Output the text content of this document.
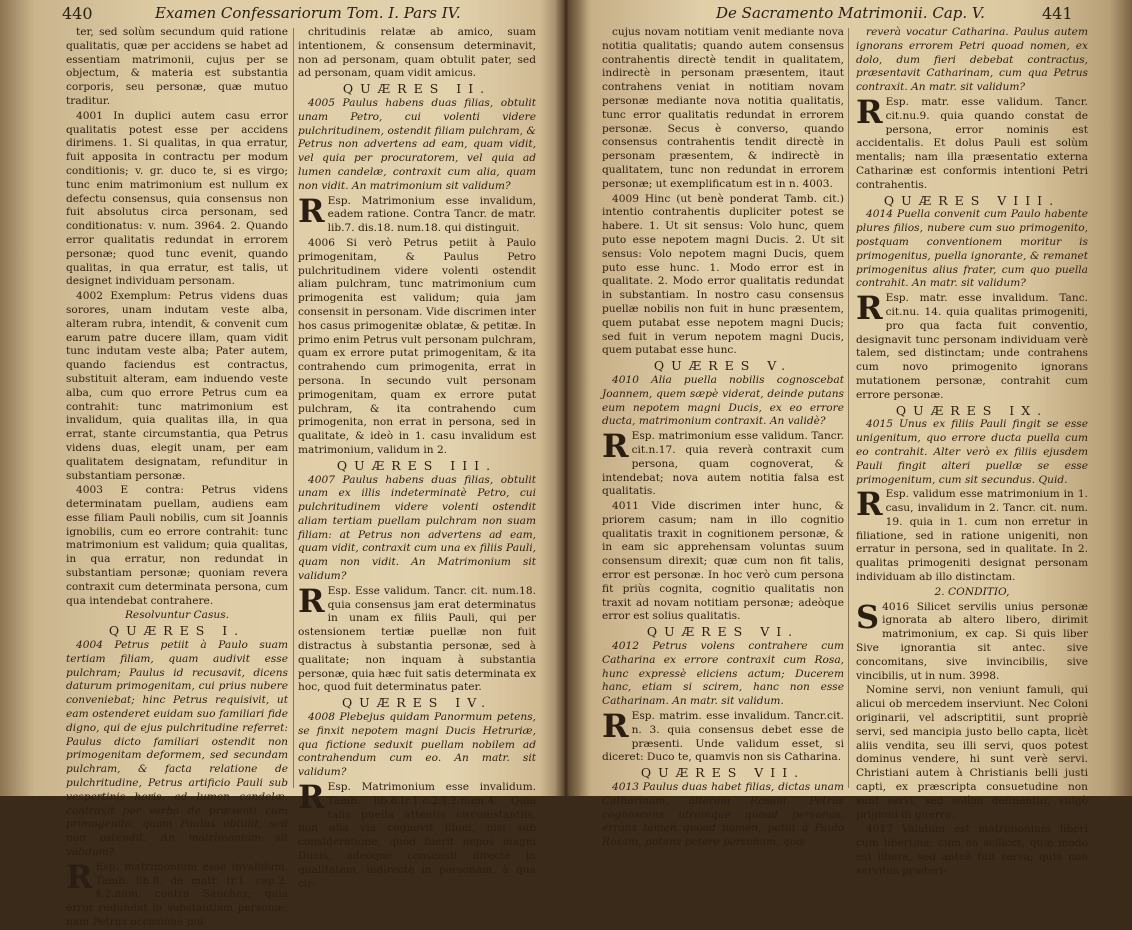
440	Examen Confessariorum Tom. I. Pars IV.

ter, sed solùm secundum quid ratione qualitatis, quæ per accidens se habet ad essentiam matrimonii, cujus per se objectum, & materia est substantia corporis, seu personæ, quæ mutuo traditur.

4001 In duplici autem casu error qualitatis potest esse per accidens dirimens. 1. Si qualitas, in qua erratur, fuit apposita in contractu per modum conditionis; v. gr. duco te, si es virgo; tunc enim matrimonium est nullum ex defectu consensus, quia consensus non fuit absolutus circa personam, sed conditionatus: v. num. 3964. 2. Quando error qualitatis redundat in errorem personæ; quod tunc evenit, quando qualitas, in qua erratur, est talis, ut designet individuam personam.

4002 Exemplum: Petrus videns duas sorores, unam indutam veste alba, alteram rubra, intendit, & convenit cum earum patre ducere illam, quam vidit tunc indutam veste alba; Pater autem, quando faciendus est contractus, substituit alteram, eam induendo veste alba, cum quo errore Petrus cum ea contrahit: tunc matrimonium est invalidum, quia qualitas illa, in qua errat, stante circumstantia, qua Petrus videns duas, elegit unam, per eam qualitatem designatam, refunditur in substantiam personæ.

4003 E contra: Petrus videns determinatam puellam, audiens eam esse filiam Pauli nobilis, cum sit Joannis ignobilis, cum eo errore contrahit: tunc matrimonium est validum; quia qualitas, in qua erratur, non redundat in substantiam personæ; quoniam revera contraxit cum determinata persona, cum qua intendebat contrahere.

Resolvuntur Casus.

QUÆRES I.

4004 Petrus petiit à Paulo suam tertiam filiam, quam audivit esse pulchram; Paulus id recusavit, dicens daturum primogenitam, cui prius nubere conveniebat; hinc Petrus requisivit, ut eam ostenderet euidam suo familiari fide digno, qui de ejus pulchritudine referret: Paulus dicto familiari ostendit non primogenitam deformem, sed secundam pulchram, & facta relatione de pulchritudine, Petrus artificio Pauli sub vespertinis horis, ad lumen candelæ, contraxit per verba de præsenti cum primogenita, quam Paulus obtulit, sed non ostendit. An matrimonium sit validum?

R Esp. matrimonium esse invalidum. Tamb. lib.8. de matr. tr.1. cap.2. §.2.num. contra Sanchez; quia error redundat in substantiam personæ; nam Petrus occasione pul-

chritudinis relatæ ab amico, suam intentionem, & consensum determinavit, non ad personam, quam obtulit pater, sed ad personam, quam vidit amicus.

QUÆRES II.

4005 Paulus habens duas filias, obtulit unam Petro, cui volenti videre pulchritudinem, ostendit filiam pulchram, & Petrus non advertens ad eam, quam vidit, vel quia per procuratorem, vel quia ad lumen candelæ, contraxit cum alia, quam non vidit. An matrimonium sit validum?

R Esp. Matrimonium esse invalidum, eadem ratione. Contra Tancr. de matr. lib.7. dis.18. num.18. qui distinguit.

4006 Si verò Petrus petiit à Paulo primogenitam, & Paulus Petro pulchritudinem videre volenti ostendit aliam pulchram, tunc matrimonium cum primogenita est validum; quia jam consensit in personam. Vide discrimen inter hos casus primogenitæ oblatæ, & petitæ. In primo enim Petrus vult personam pulchram, quam ex errore putat primogenitam, & ita contrahendo cum primogenita, errat in persona. In secundo vult personam primogenitam, quam ex errore putat pulchram, & ita contrahendo cum primogenita, non errat in persona, sed in qualitate, & ideò in 1. casu invalidum est matrimonium, validum in 2.

QUÆRES III.

4007 Paulus habens duas filias, obtulit unam ex illis indeterminatè Petro, cui pulchritudinem videre volenti ostendit aliam tertiam puellam pulchram non suam filiam: at Petrus non advertens ad eam, quam vidit, contraxit cum una ex filiis Pauli, quam non vidit. An Matrimonium sit validum?

R Esp. Esse validum. Tancr. cit. num.18. quia consensus jam erat determinatus in unam ex filiis Pauli, qui per ostensionem tertiæ puellæ non fuit distractus à substantia personæ, sed à qualitate; non inquam à substantia personæ, quia hæc fuit satis determinata ex hoc, quod fuit determinatus pater.

QUÆRES IV.

4008 Plebejus quidam Panormum petens, se finxit nepotem magni Ducis Hetruriæ, qua fictione seduxit puellam nobilem ad contrahendum cum eo. An matr. sit validum?

R Esp. Matrimonium esse invalidum. Tamb. lib.8.tr.1.c.2.§.2.num.4. Quia talis puella attentis circumstantiis, non alia via cognovit illum, nisi sub consideratione, quòd fuerit nepos magni Ducis, adeòque consensit directè in qualitatem, indirectè in personam, à qua cir-

De Sacramento Matrimonii. Cap. V.	441

cujus novam notitiam venit mediante nova notitia qualitatis; quando autem consensus contrahentis directè tendit in qualitatem, indirectè in personam præsentem, itaut contrahens veniat in notitiam novam personæ mediante nova notitia qualitatis, tunc error qualitatis redundat in errorem personæ. Secus è converso, quando consensus contrahentis tendit directè in personam præsentem, & indirectè in qualitatem, tunc non redundat in errorem personæ; ut exemplificatum est in n. 4003.

4009 Hinc (ut benè ponderat Tamb. cit.) intentio contrahentis dupliciter potest se habere. 1. Ut sit sensus: Volo hunc, quem puto esse nepotem magni Ducis. 2. Ut sit sensus: Volo nepotem magni Ducis, quem puto esse hunc. 1. Modo error est in qualitate. 2. Modo error qualitatis redundat in substantiam. In nostro casu consensus puellæ nobilis non fuit in hunc præsentem, quem putabat esse nepotem magni Ducis; sed fuit in verum nepotem magni Ducis, quem putabat esse hunc.

QUÆRES V.

4010 Alia puella nobilis cognoscebat Joannem, quem sæpè viderat, deinde putans eum nepotem magni Ducis, ex eo errore ducta, matrimonium contraxit. An validè?

R Esp. matrimonium esse validum. Tancr. cit.n.17. quia reverà contraxit cum persona, quam cognoverat, & intendebat; nova autem notitia falsa est qualitatis.

4011 Vide discrimen inter hunc, & priorem casum; nam in illo cognitio qualitatis traxit in cognitionem personæ, & in eam sic apprehensam voluntas suum consensum direxit; quæ cum non fit talis, error est personæ. In hoc verò cum persona fit priùs cognita, cognitio qualitatis non traxit ad novam notitiam personæ; adeòque error est solius qualitatis.

QUÆRES VI.

4012 Petrus volens contrahere cum Catharina ex errore contraxit cum Rosa, hunc expressè eliciens actum; Ducerem hanc, etiam si scirem, hanc non esse Catharinam. An matr. sit validum.

R Esp. matrim. esse invalidum. Tancr.cit. n. 3. quia consensus debet esse de præsenti. Unde validum esset, si diceret: Duco te, quamvis non sis Catharina.

QUÆRES VII.

4013 Paulus duas habet filias, dictas unam Catharinam, alteram Rosam. Petrus cognoscens utramque quoad personas, errans tamen quoad nomen, petiit à Paulo Rosam, putans petere personam, quæ

reverà vocatur Catharina. Paulus autem ignorans errorem Petri quoad nomen, ex dolo, dum fieri debebat contractus, præsentavit Catharinam, cum qua Petrus contraxit. An matr. sit validum?

R Esp. matr. esse validum. Tancr. cit.nu.9. quia quando constat de persona, error nominis est accidentalis. Et dolus Pauli est solùm mentalis; nam illa præsentatio externa Catharinæ est conformis intentioni Petri contrahentis.

QUÆRES VIII.

4014 Puella convenit cum Paulo habente plures filios, nubere cum suo primogenito, postquam conventionem moritur is primogenitus, puella ignorante, & remanet primogenitus alius frater, cum quo puella contrahit. An matr. sit validum?

R Esp. matr. esse invalidum. Tanc. cit.nu. 14. quia qualitas primogeniti, pro qua facta fuit conventio, designavit tunc personam individuam verè talem, sed distinctam; unde contrahens cum novo primogenito ignorans mutationem personæ, contrahit cum errore personæ.

QUÆRES IX.

4015 Unus ex filiis Pauli fingit se esse unigenitum, quo errore ducta puella cum eo contrahit. Alter verò ex filiis ejusdem Pauli fingit alteri puellæ se esse primogenitum, cum sit secundus. Quid.

R Esp. validum esse matrimonium in 1. casu, invalidum in 2. Tancr. cit. num. 19. quia in 1. cum non erretur in filiatione, sed in ratione unigeniti, non erratur in persona, sed in qualitate. In 2. qualitas primogeniti designat personam individuam ab illo distinctam.

2. CONDITIO,

S 4016 Silicet servilis unius personæ ignorata ab altero libero, dirimit matrimonium, ex cap. Si quis liber Sive ignorantia sit antec. sive concomitans, sive invincibilis, sive vincibilis, ut in num. 3998.

Nomine servi, non veniunt famuli, qui alicui ob mercedem inserviunt. Nec Coloni originarii, vel adscriptitii, sunt propriè servi, sed mancipia justo bello capta, licèt aliis vendita, seu illi servi, quos potest dominus vendere, hi sunt verè servi. Christiani autem à Christianis belli justi capti, ex præscripta consuetudine non sunt servi, sed solùm detinentur, vulgò prigioni di guerra.

4017 Validum est matrimonium liberi cum libertina; cum ea scilicet, quæ modo est libera, sed anteà fuit serva; quia non servitus præteri-
